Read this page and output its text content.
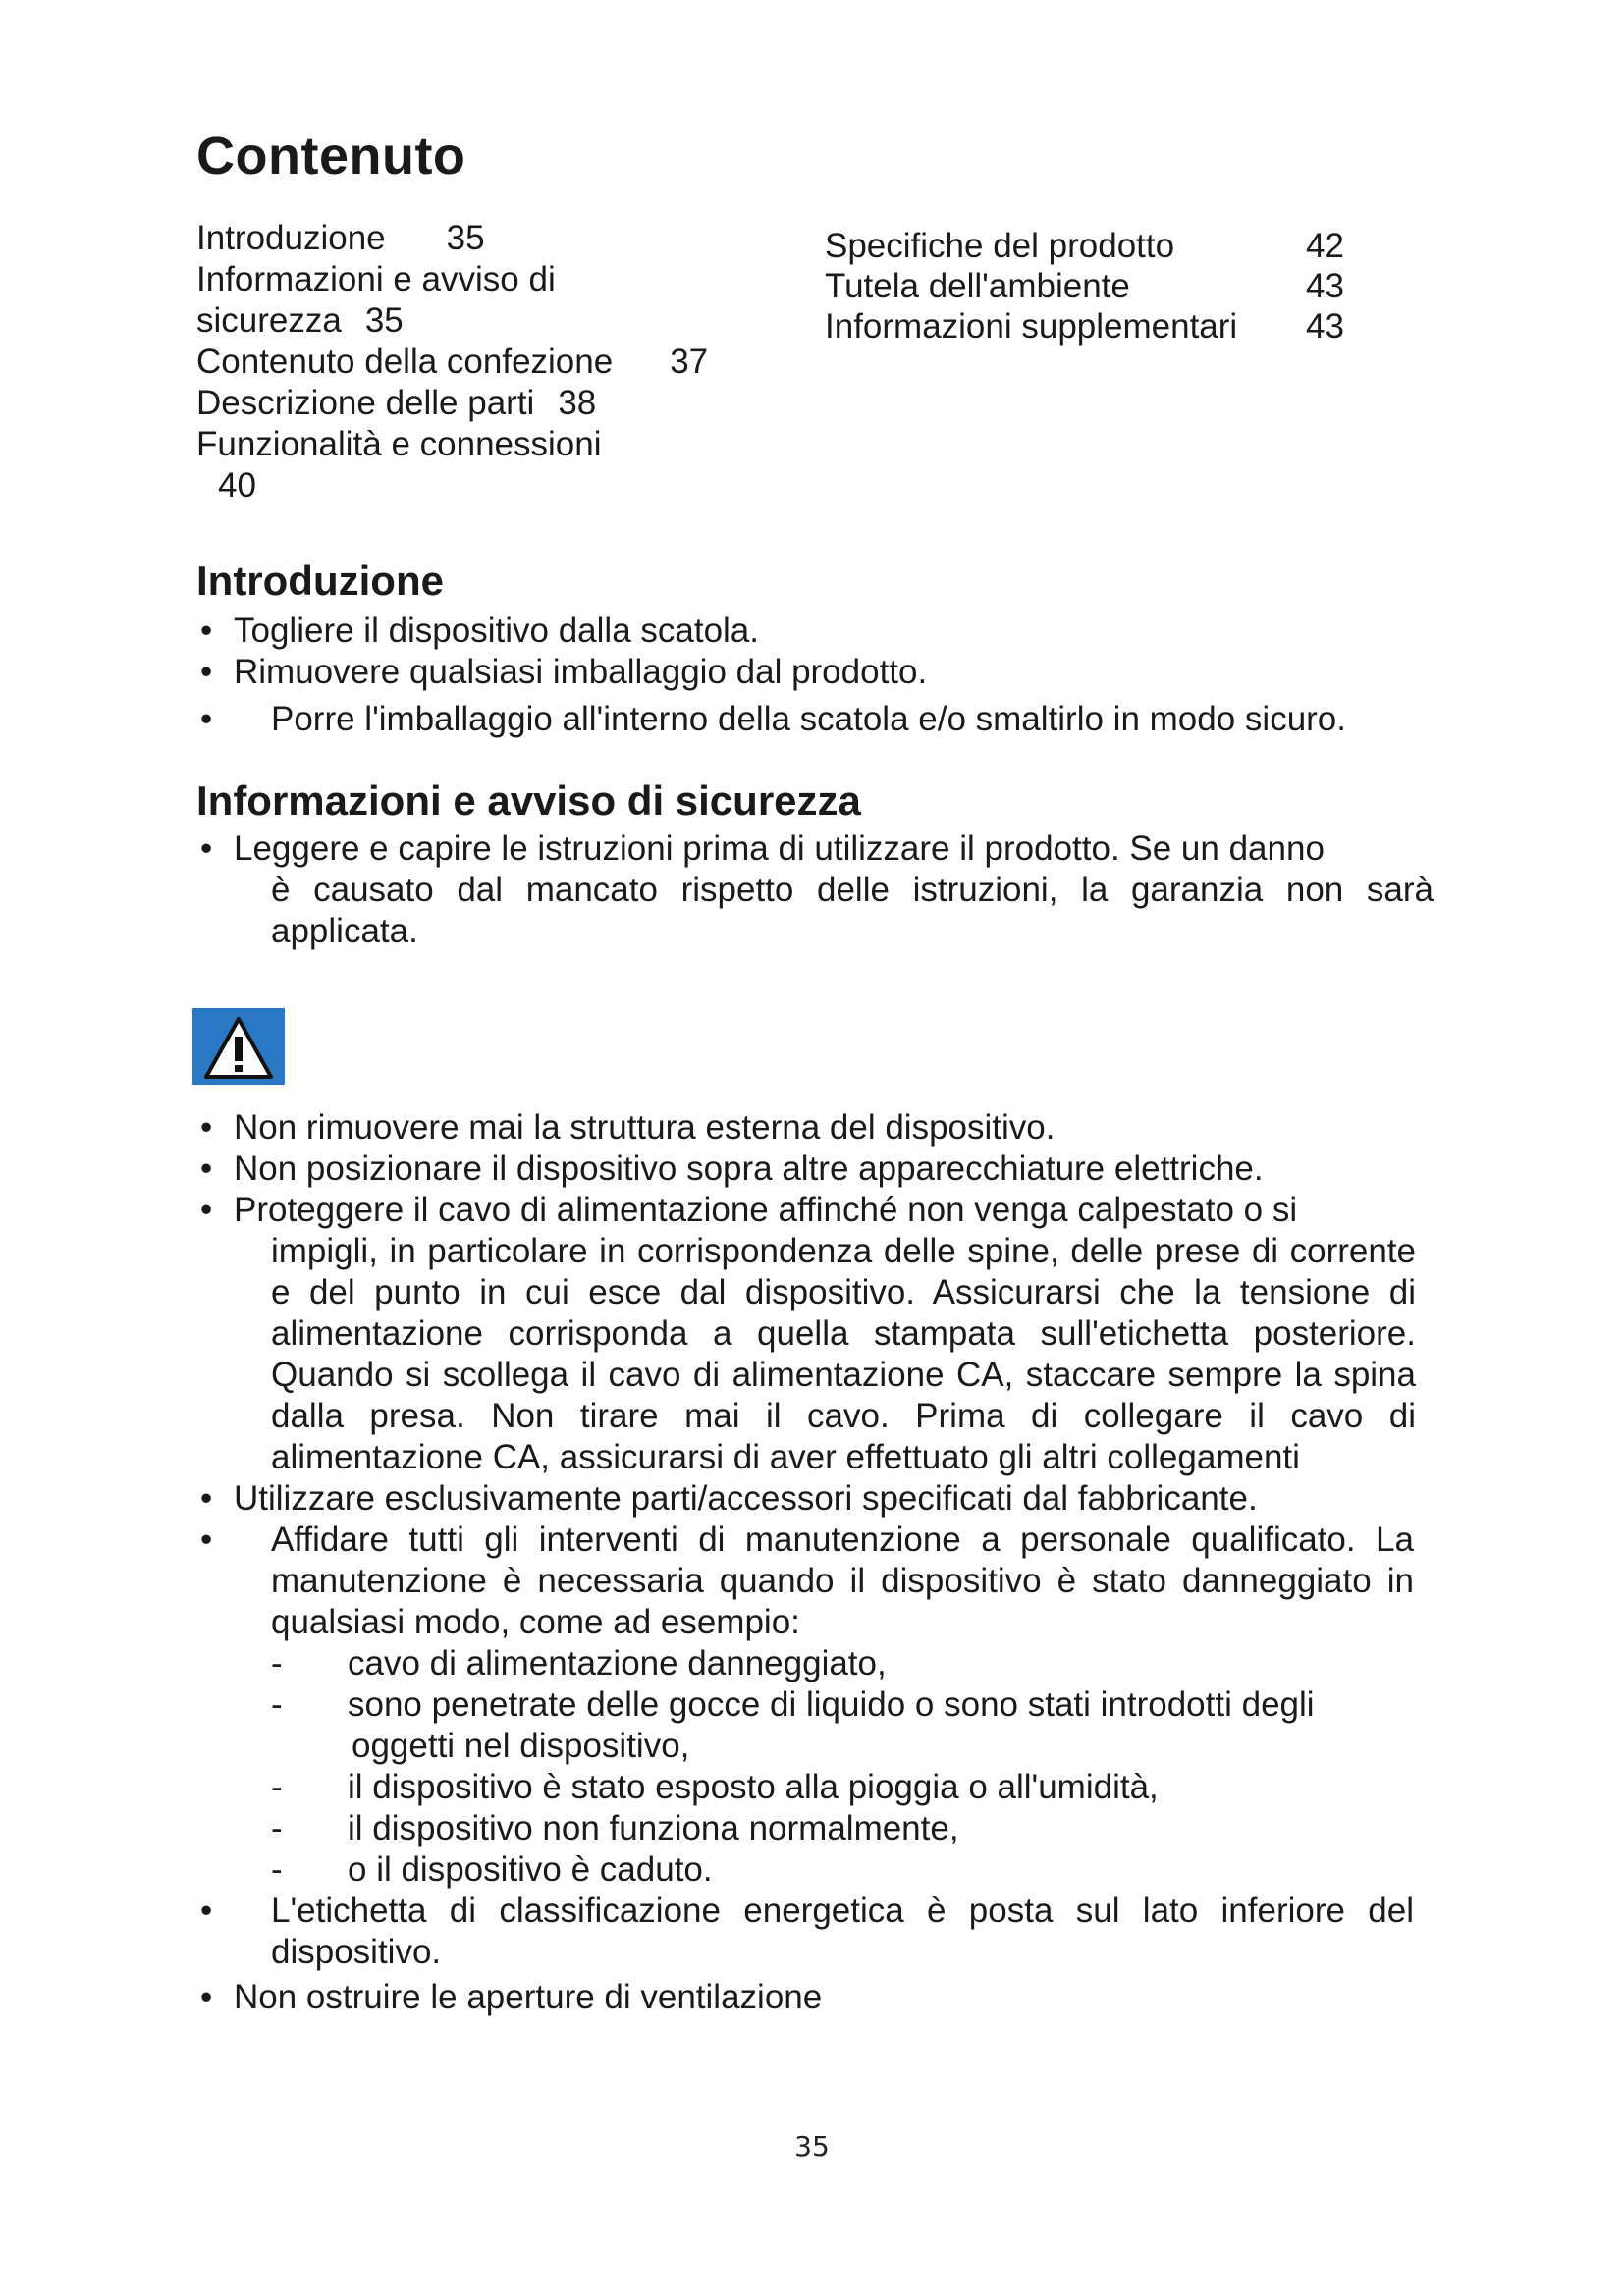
Contenuto
Introduzione 35
Informazioni e avviso di
sicurezza 35
Contenuto della confezione 37
Descrizione delle parti 38
Funzionalità e connessioni
40
Specifiche del prodotto	42
Tutela dell'ambiente	43
Informazioni supplementari	43
Introduzione
• Togliere il dispositivo dalla scatola.
• Rimuovere qualsiasi imballaggio dal prodotto.
•	Porre l'imballaggio all'interno della scatola e/o smaltirlo in modo sicuro.
Informazioni e avviso di sicurezza
• Leggere e capire le istruzioni prima di utilizzare il prodotto. Se un danno
è causato dal mancato rispetto delle istruzioni, la garanzia non sarà applicata.
• Non rimuovere mai la struttura esterna del dispositivo.
• Non posizionare il dispositivo sopra altre apparecchiature elettriche.
• Proteggere il cavo di alimentazione affinché non venga calpestato o si
impigli, in particolare in corrispondenza delle spine, delle prese di corrente e del punto in cui esce dal dispositivo. Assicurarsi che la tensione di alimentazione corrisponda a quella stampata sull'etichetta posteriore. Quando si scollega il cavo di alimentazione CA, staccare sempre la spina dalla presa. Non tirare mai il cavo. Prima di collegare il cavo di alimentazione CA, assicurarsi di aver effettuato gli altri collegamenti
• Utilizzare esclusivamente parti/accessori specificati dal fabbricante.
•	Affidare tutti gli interventi di manutenzione a personale qualificato. La manutenzione è necessaria quando il dispositivo è stato danneggiato in qualsiasi modo, come ad esempio:
- cavo di alimentazione danneggiato,
- sono penetrate delle gocce di liquido o sono stati introdotti degli
oggetti nel dispositivo,
- il dispositivo è stato esposto alla pioggia o all'umidità,
- il dispositivo non funziona normalmente,
- o il dispositivo è caduto.
•	L'etichetta di classificazione energetica è posta sul lato inferiore del dispositivo.
• Non ostruire le aperture di ventilazione
35
